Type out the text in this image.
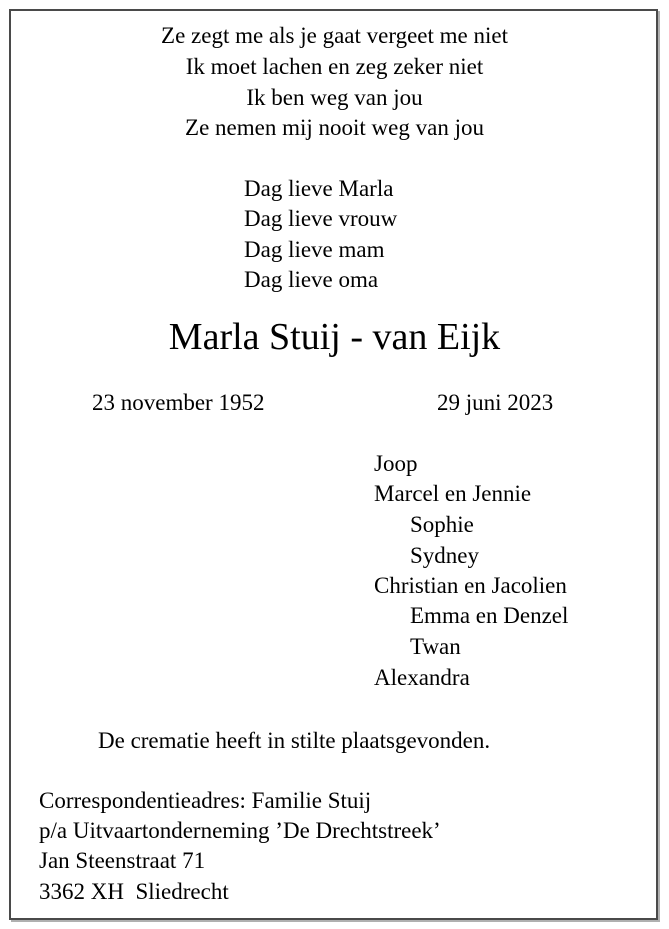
Ze zegt me als je gaat vergeet me niet
Ik moet lachen en zeg zeker niet
Ik ben weg van jou
Ze nemen mij nooit weg van jou
Dag lieve Marla
Dag lieve vrouw
Dag lieve mam
Dag lieve oma
Marla Stuij - van Eijk
23 november 1952	29 juni 2023
Joop
Marcel en Jennie
Sophie
Sydney
Christian en Jacolien
Emma en Denzel
Twan
Alexandra
De crematie heeft in stilte plaatsgevonden.
Correspondentieadres: Familie Stuij
p/a Uitvaartonderneming ’De Drechtstreek’
Jan Steenstraat 71
3362 XH  Sliedrecht
